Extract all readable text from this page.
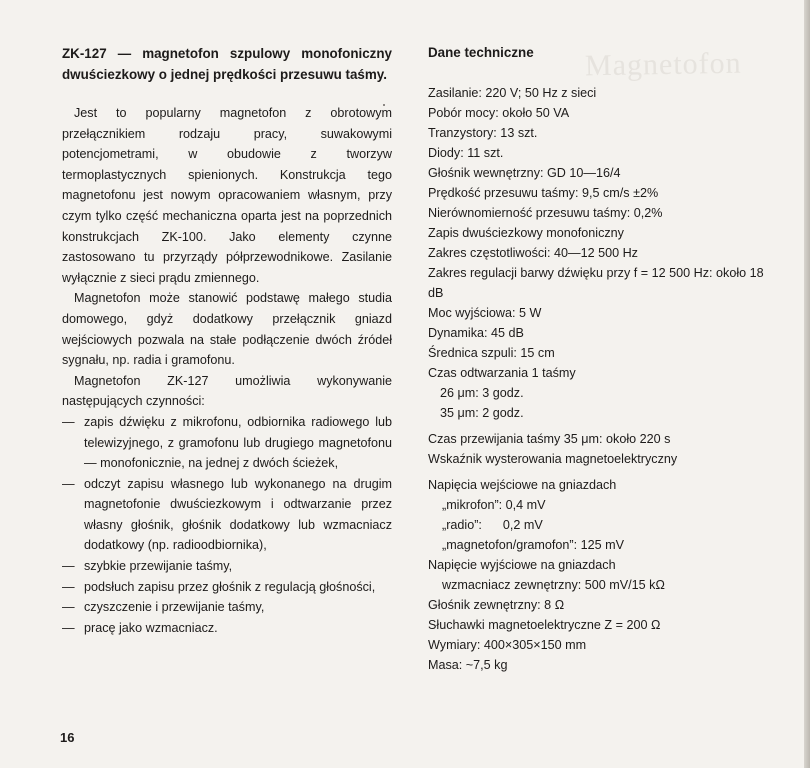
Magnetofon

ZK-127 — magnetofon szpulowy monofoniczny dwuściezkowy o jednej prędkości przesuwu taśmy.

Jest to popularny magnetofon z obrotowym przełącznikiem rodzaju pracy, suwakowymi potencjometrami, w obudowie z tworzyw termoplastycznych spienionych. Konstrukcja tego magnetofonu jest nowym opracowaniem własnym, przy czym tylko część mechaniczna oparta jest na poprzednich konstrukcjach ZK-100. Jako elementy czynne zastosowano tu przyrządy półprzewodnikowe. Zasilanie wyłącznie z sieci prądu zmiennego.

Magnetofon może stanowić podstawę małego studia domowego, gdyż dodatkowy przełącznik gniazd wejściowych pozwala na stałe podłączenie dwóch źródeł sygnału, np. radia i gramofonu.

Magnetofon ZK-127 umożliwia wykonywanie następujących czynności:

— zapis dźwięku z mikrofonu, odbiornika radiowego lub telewizyjnego, z gramofonu lub drugiego magnetofonu — monofonicznie, na jednej z dwóch ścieżek,
— odczyt zapisu własnego lub wykonanego na drugim magnetofonie dwuściezkowym i odtwarzanie przez własny głośnik, głośnik dodatkowy lub wzmacniacz dodatkowy (np. radioodbiornika),
— szybkie przewijanie taśmy,
— podsłuch zapisu przez głośnik z regulacją głośności,
— czyszczenie i przewijanie taśmy,
— pracę jako wzmacniacz.

Dane techniczne

Zasilanie: 220 V; 50 Hz z sieci

Pobór mocy: około 50 VA

Tranzystory: 13 szt.

Diody: 11 szt.

Głośnik wewnętrzny: GD 10—16/4

Prędkość przesuwu taśmy: 9,5 cm/s ±2%

Nierównomierność przesuwu taśmy: 0,2%

Zapis dwuściezkowy monofoniczny

Zakres częstotliwości: 40—12 500 Hz

Zakres regulacji barwy dźwięku przy f = 12 500 Hz: około 18 dB

Moc wyjściowa: 5 W

Dynamika: 45 dB

Średnica szpuli: 15 cm

Czas odtwarzania 1 taśmy

26 μm: 3 godz.

35 μm: 2 godz.

Czas przewijania taśmy 35 μm: około 220 s

Wskaźnik wysterowania magnetoelektryczny

Napięcia wejściowe na gniazdach

„mikrofon”: 0,4 mV

„radio”:      0,2 mV

„magnetofon/gramofon”: 125 mV

Napięcie wyjściowe na gniazdach

wzmacniacz zewnętrzny: 500 mV/15 kΩ

Głośnik zewnętrzny: 8 Ω

Słuchawki magnetoelektryczne Z = 200 Ω

Wymiary: 400×305×150 mm

Masa: ~7,5 kg

16
